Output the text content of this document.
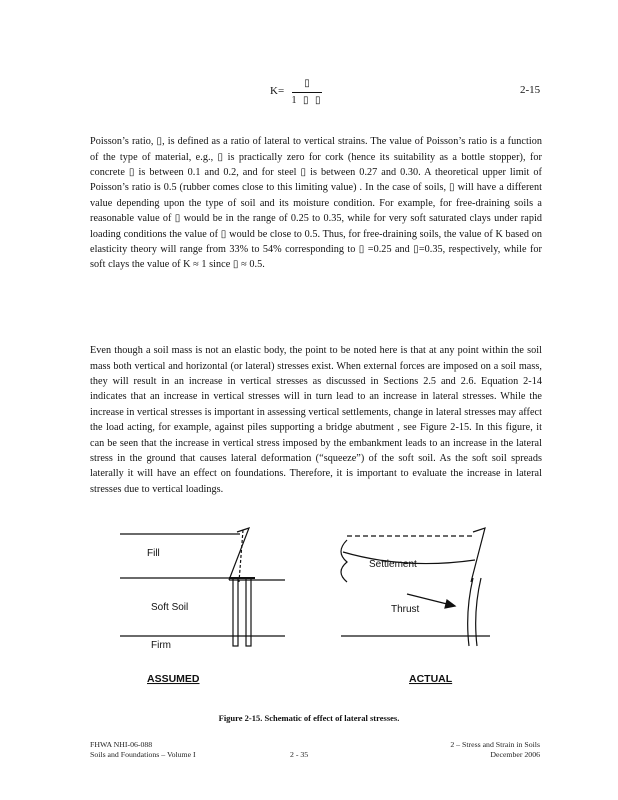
K=
▯
1 ▯ ▯
2-15

Poisson’s ratio, ▯, is defined as a ratio of lateral to vertical strains. The value of Poisson’s ratio is a function of the type of material, e.g., ▯ is practically zero for cork (hence its suitability as a bottle stopper), for concrete ▯ is between 0.1 and 0.2, and for steel ▯ is between 0.27 and 0.30. A theoretical upper limit of Poisson’s ratio is 0.5 (rubber comes close to this limiting value) . In the case of soils, ▯ will have a different value depending upon the type of soil and its moisture condition. For example, for free-draining soils a reasonable value of ▯ would be in the range of 0.25 to 0.35, while for very soft saturated clays under rapid loading conditions the value of ▯ would be close to 0.5. Thus, for free-draining soils, the value of K based on elasticity theory will range from 33% to 54% corresponding to ▯ =0.25 and ▯=0.35, respectively, while for soft clays the value of K ≈ 1 since ▯ ≈ 0.5.

Even though a soil mass is not an elastic body, the point to be noted here is that at any point within the soil mass both vertical and horizontal (or lateral) stresses exist. When external forces are imposed on a soil mass, they will result in an increase in vertical stresses as discussed in Sections 2.5 and 2.6. Equation 2-14 indicates that an increase in vertical stresses will in turn lead to an increase in lateral stresses. While the increase in vertical stresses is important in assessing vertical settlements, change in lateral stresses may affect the load acting, for example, against piles supporting a bridge abutment , see Figure 2-15. In this figure, it can be seen that the increase in vertical stress imposed by the embankment leads to an increase in the lateral stress in the ground that causes lateral deformation (“squeeze”) of the soft soil. As the soft soil spreads laterally it will have an effect on foundations. Therefore, it is important to evaluate the increase in lateral stresses due to vertical loadings.

Fill
Soft Soil
Firm
ASSUMED
Settlement
Thrust
ACTUAL
Figure 2-15. Schematic of effect of lateral stresses.
FHWA NHI-06-088
Soils and Foundations – Volume I	2 - 35
2 – Stress and Strain in Soils
December 2006
